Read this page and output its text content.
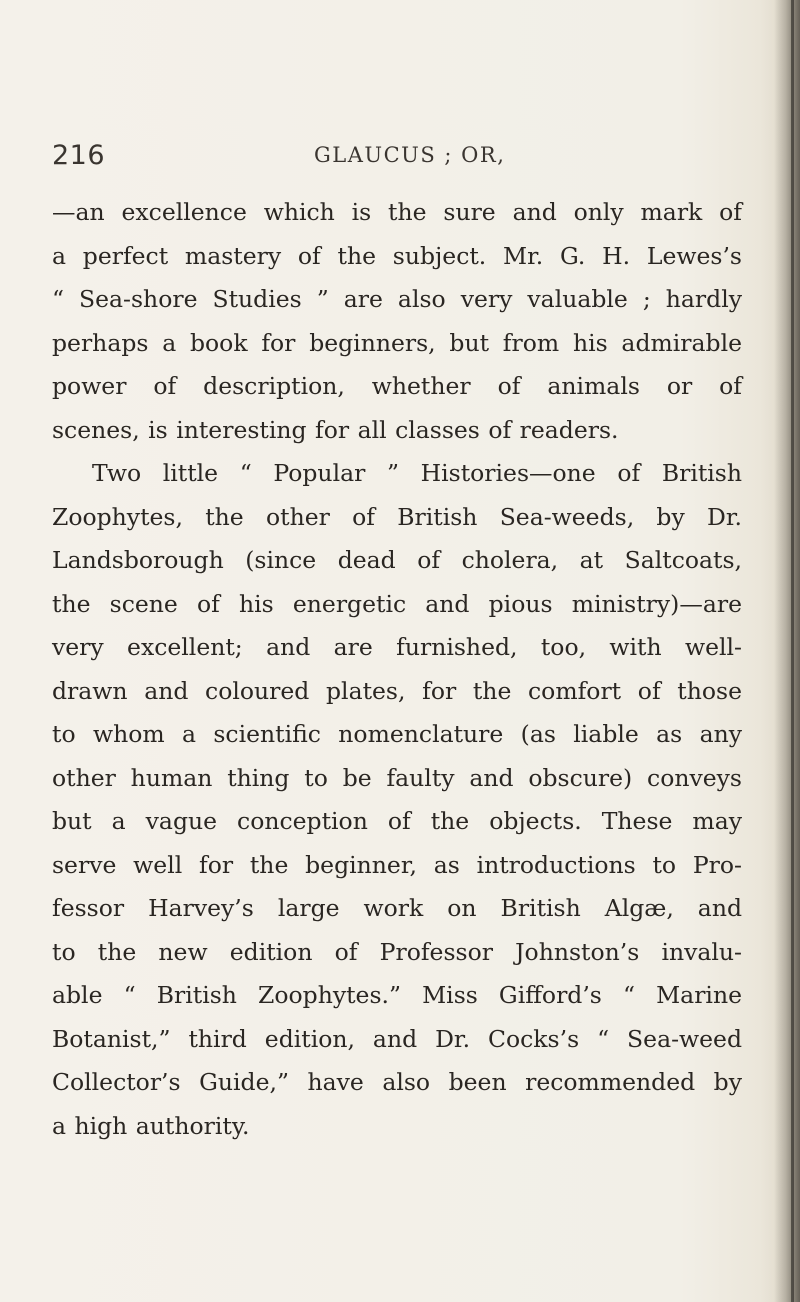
216	GLAUCUS ; OR,
—an excellence which is the sure and only mark of
a perfect mastery of the subject. Mr. G. H. Lewes’s
“ Sea-shore Studies ” are also very valuable ; hardly
perhaps a book for beginners, but from his admirable
power of description, whether of animals or of
scenes, is interesting for all classes of readers.
Two little “ Popular ” Histories—one of British
Zoophytes, the other of British Sea-weeds, by Dr.
Landsborough (since dead of cholera, at Saltcoats,
the scene of his energetic and pious ministry)—are
very excellent; and are furnished, too, with well-
drawn and coloured plates, for the comfort of those
to whom a scientific nomenclature (as liable as any
other human thing to be faulty and obscure) conveys
but a vague conception of the objects. These may
serve well for the beginner, as introductions to Pro-
fessor Harvey’s large work on British Algæ, and
to the new edition of Professor Johnston’s invalu-
able “ British Zoophytes.” Miss Gifford’s “ Marine
Botanist,” third edition, and Dr. Cocks’s “ Sea-weed
Collector’s Guide,” have also been recommended by
a high authority.
